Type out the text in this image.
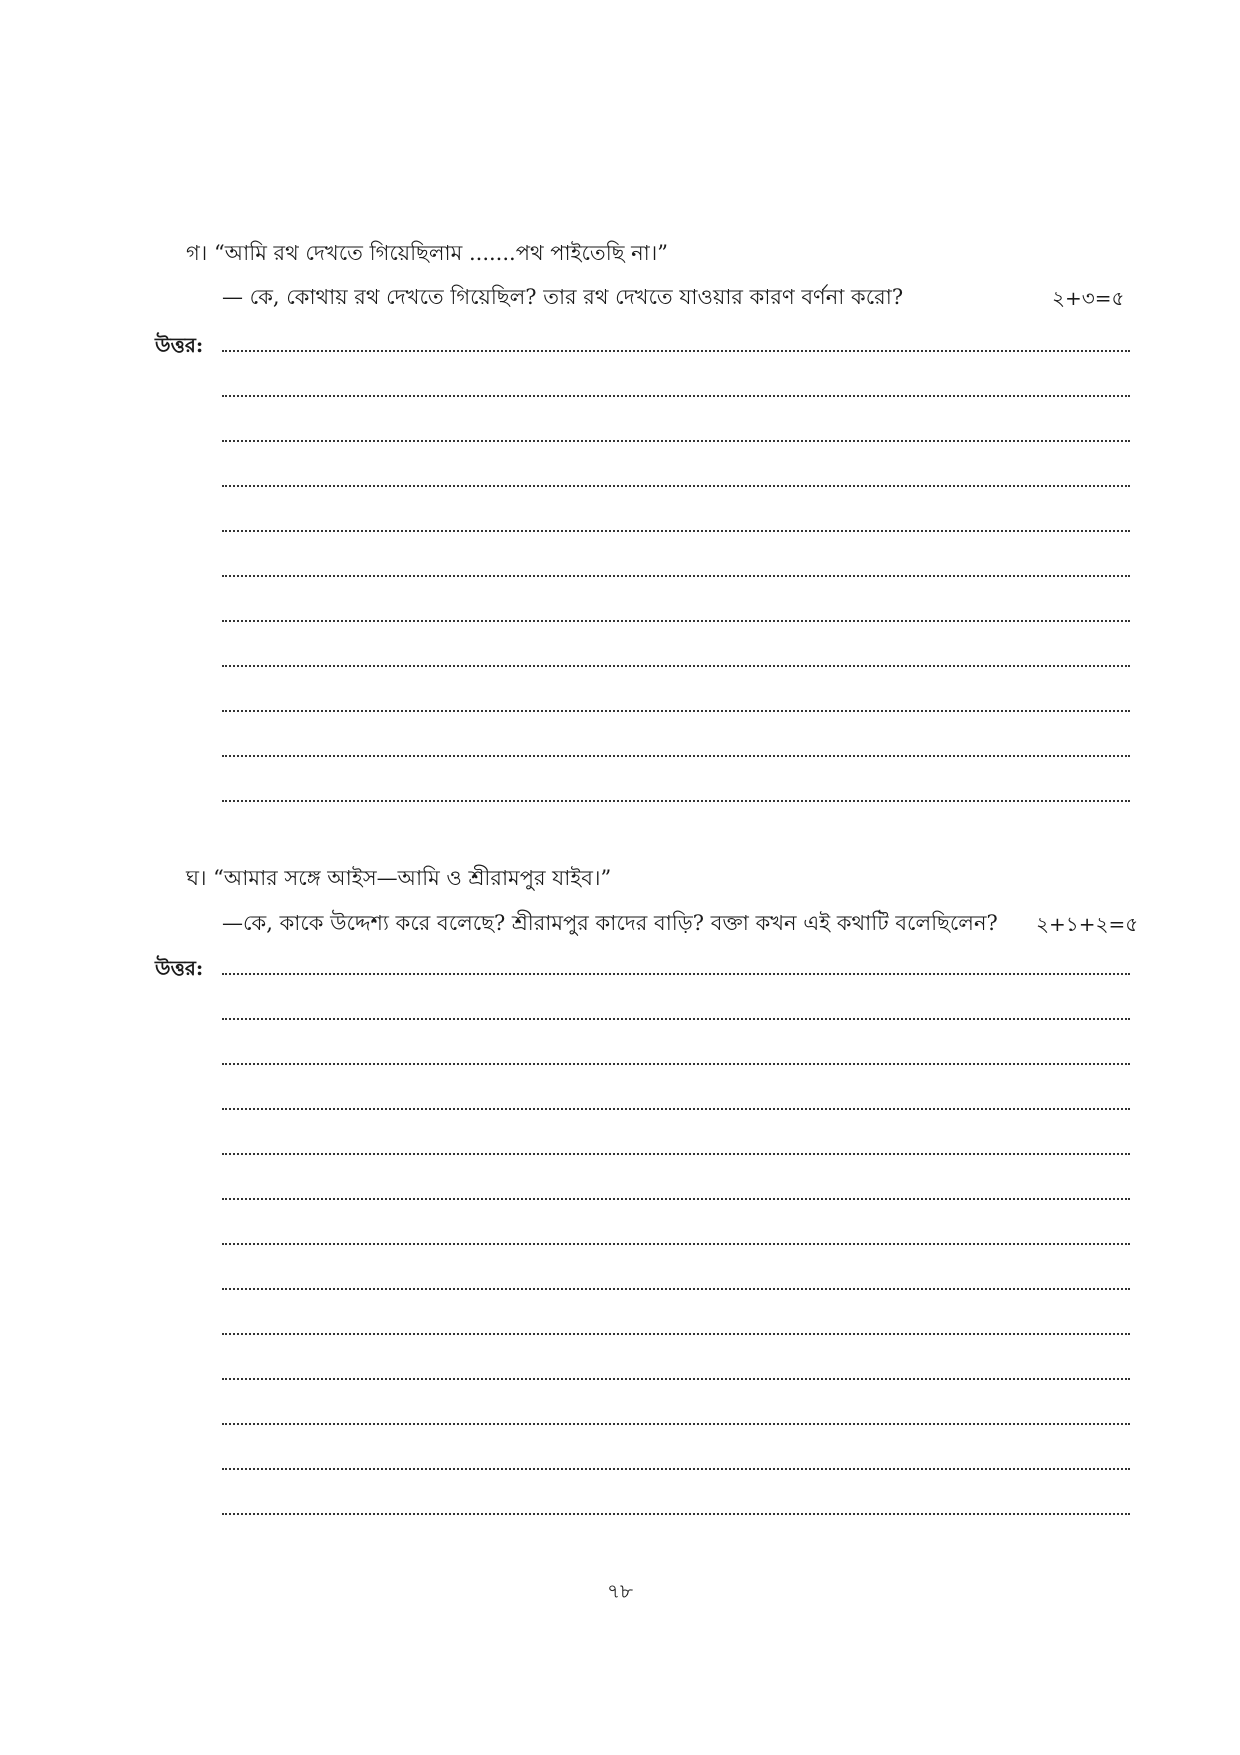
গ। “আমি রথ দেখতে গিয়েছিলাম .......পথ পাইতেছি না।”
— কে, কোথায় রথ দেখতে গিয়েছিল? তার রথ দেখতে যাওয়ার কারণ বর্ণনা করো?	২+৩=৫
উত্তর:
ঘ। “আমার সঙ্গে আইস—আমি ও শ্রীরামপুর যাইব।”
—কে, কাকে উদ্দেশ্য করে বলেছে? শ্রীরামপুর কাদের বাড়ি? বক্তা কখন এই কথাটি বলেছিলেন? ২+১+২=৫
উত্তর:
৭৮
